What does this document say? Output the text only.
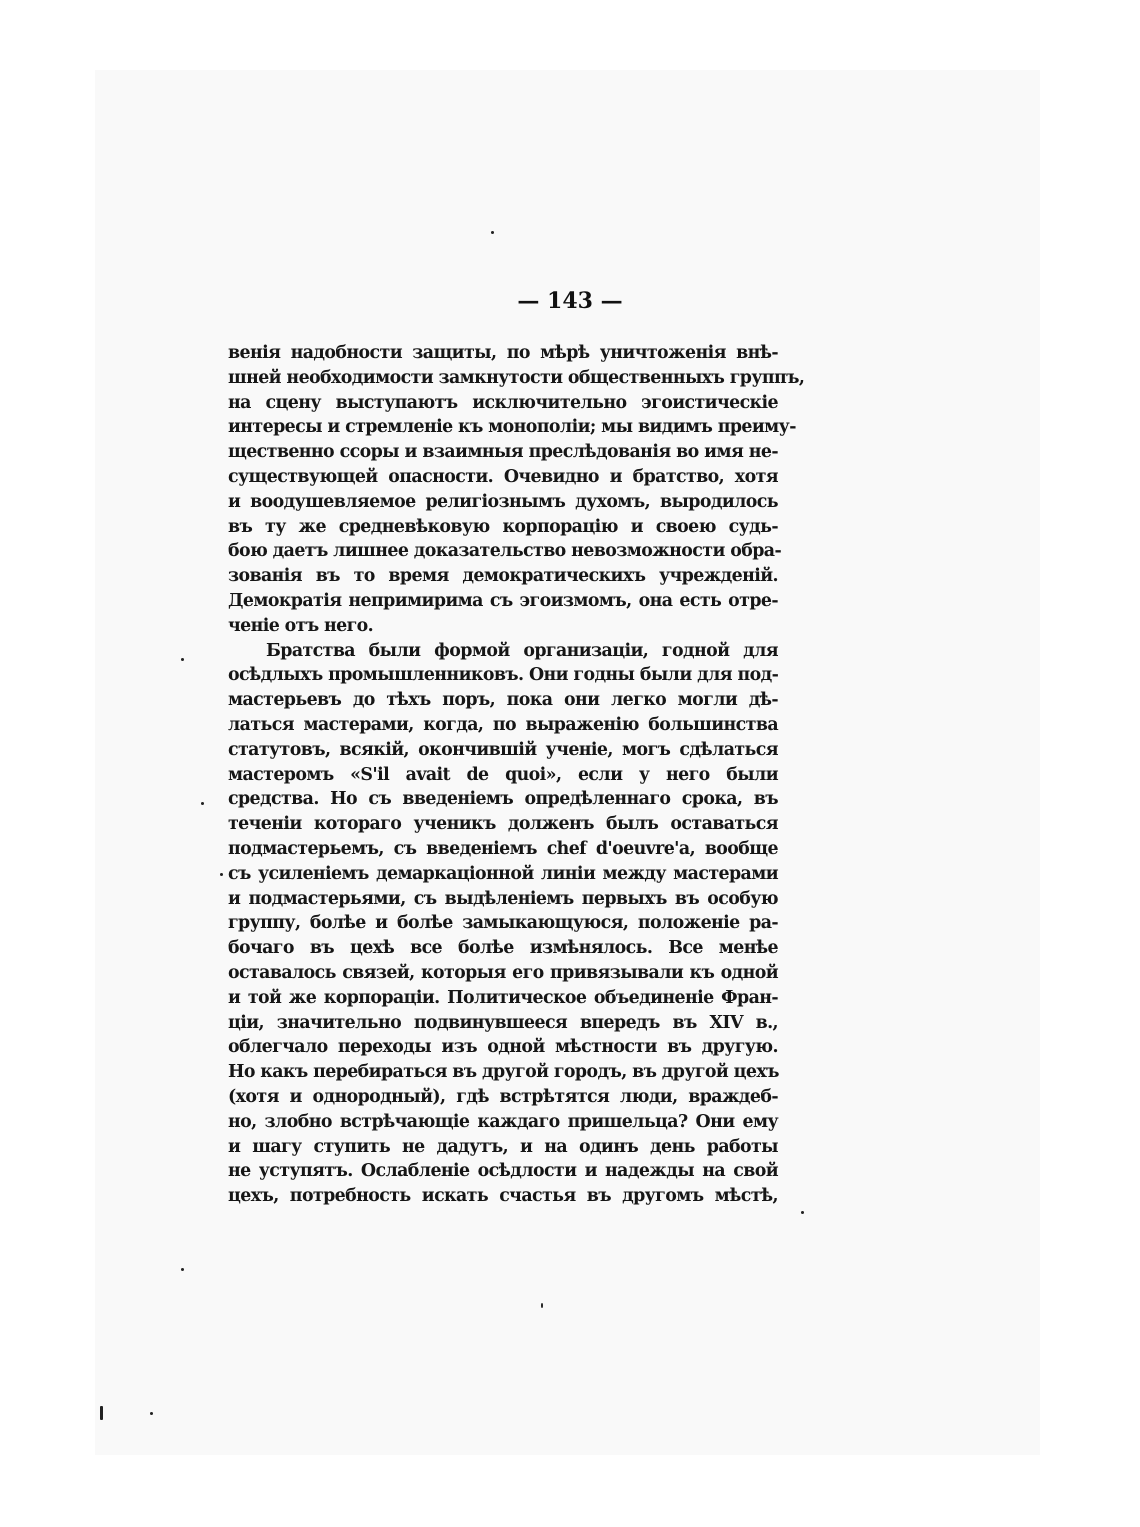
— 143 —
венія надобности защиты, по мѣрѣ уничтоженія внѣ-
шней необходимости замкнутости общественныхъ группъ,
на сцену выступаютъ исключительно эгоистическіе
интересы и стремленіе къ монополіи; мы видимъ преиму-
щественно ссоры и взаимныя преслѣдованія во имя не-
существующей опасности. Очевидно и братство, хотя
и воодушевляемое религіознымъ духомъ, выродилось
въ ту же средневѣковую корпорацію и своею судь-
бою даетъ лишнее доказательство невозможности обра-
зованія въ то время демократическихъ учрежденій.
Демократія непримирима съ эгоизмомъ, она есть отре-
ченіе отъ него.
Братства были формой организаціи, годной для
осѣдлыхъ промышленниковъ. Они годны были для под-
мастерьевъ до тѣхъ поръ, пока они легко могли дѣ-
латься мастерами, когда, по выраженію большинства
статутовъ, всякій, окончившій ученіе, могъ сдѣлаться
мастеромъ «S'il avait de quoi», если у него были
средства. Но съ введеніемъ опредѣленнаго срока, въ
теченіи котораго ученикъ долженъ былъ оставаться
подмастерьемъ, съ введеніемъ chef d'oeuvre'а, вообще
съ усиленіемъ демаркаціонной линіи между мастерами
и подмастерьями, съ выдѣленіемъ первыхъ въ особую
группу, болѣе и болѣе замыкающуюся, положеніе ра-
бочаго въ цехѣ все болѣе измѣнялось. Все менѣе
оставалось связей, которыя его привязывали къ одной
и той же корпораціи. Политическое объединеніе Фран-
ціи, значительно подвинувшееся впередъ въ XIV в.,
облегчало переходы изъ одной мѣстности въ другую.
Но какъ перебираться въ другой городъ, въ другой цехъ
(хотя и однородный), гдѣ встрѣтятся люди, враждеб-
но, злобно встрѣчающіе каждаго пришельца? Они ему
и шагу ступить не дадутъ, и на одинъ день работы
не уступятъ. Ослабленіе осѣдлости и надежды на свой
цехъ, потребность искать счастья въ другомъ мѣстѣ,
